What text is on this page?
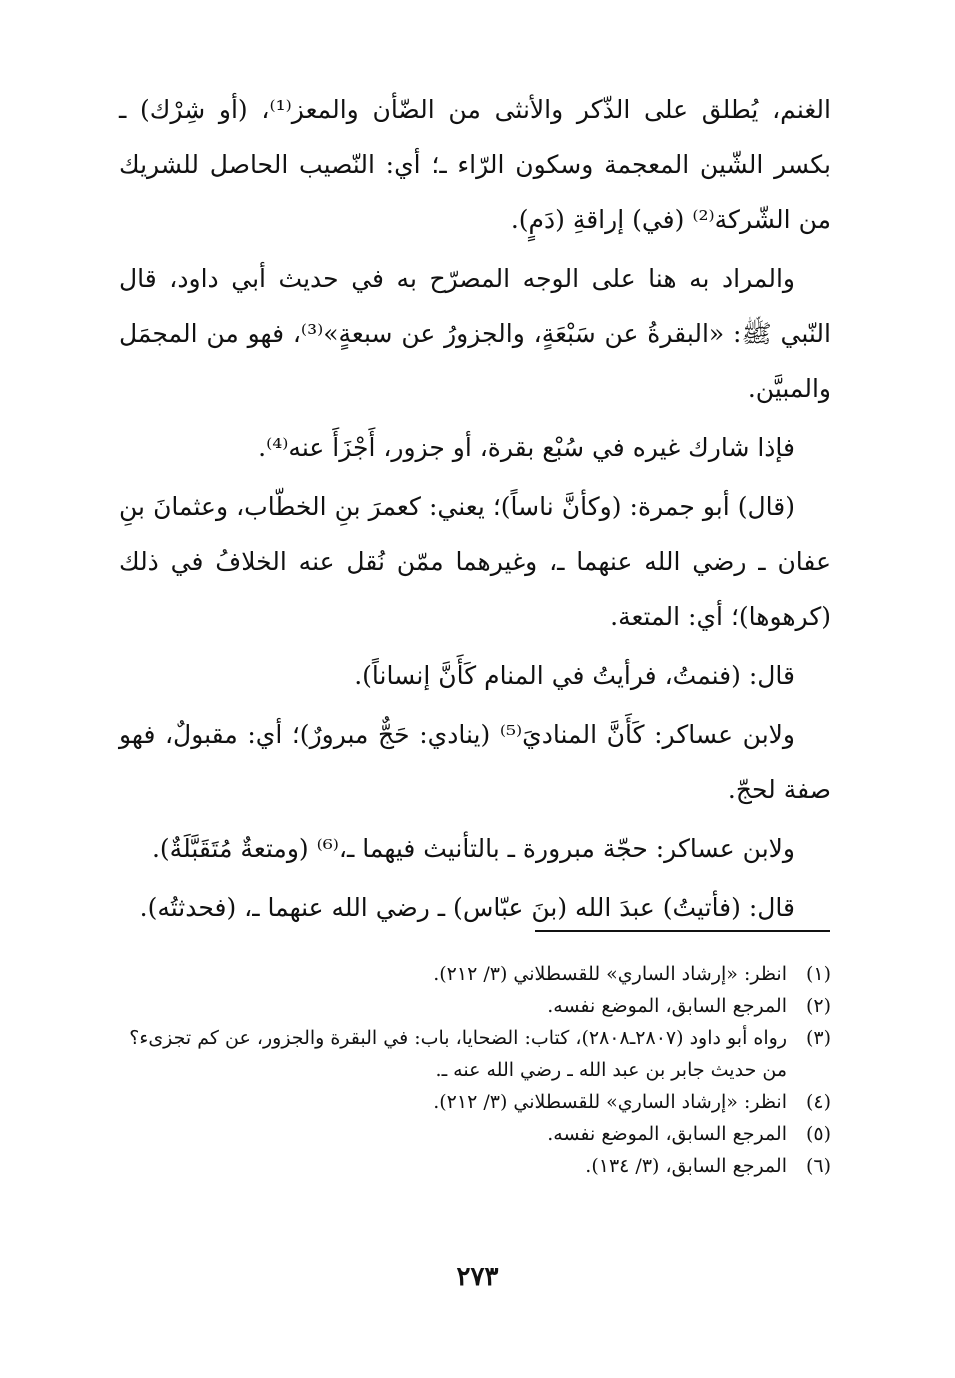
الغنم، يُطلق على الذّكر والأنثى من الضّأن والمعز⁽¹⁾، (أو شِرْك) ـ بكسر الشّين المعجمة وسكون الرّاء ـ؛ أي: النّصيب الحاصل للشريك من الشّركة⁽²⁾ (في) إراقةِ (دَمٍ).

والمراد به هنا على الوجه المصرّح به في حديث أبي داود، قال النّبي ﷺ: «البقرةُ عن سَبْعَةٍ، والجزورُ عن سبعةٍ»⁽³⁾، فهو من المجمَل والمبيَّن.

فإذا شارك غيره في سُبْع بقرة، أو جزور، أَجْزَأَ عنه⁽⁴⁾.

(قال) أبو جمرة: (وكأنَّ ناساً)؛ يعني: كعمرَ بنِ الخطّاب، وعثمانَ بنِ عفان ـ رضي الله عنهما ـ، وغيرهما ممّن نُقل عنه الخلافُ في ذلك (كرهوها)؛ أي: المتعة.

قال: (فنمتُ، فرأيتُ في المنام كَأَنَّ إنساناً).

ولابن عساكر: كَأَنَّ المناديَ⁽⁵⁾ (ينادي: حَجٌّ مبرورٌ)؛ أي: مقبولٌ، فهو صفة لحجّ.

ولابن عساكر: حجّة مبرورة ـ بالتأنيث فيهما ـ،⁽⁶⁾ (ومتعةٌ مُتَقَبَّلَةٌ).

قال: (فأتيتُ) عبدَ الله (بنَ عبّاس) ـ رضي الله عنهما ـ، (فحدثتُه).

(١)
انظر: «إرشاد الساري» للقسطلاني (٣/ ٢١٢).
(٢)
المرجع السابق، الموضع نفسه.
(٣)
رواه أبو داود (٢٨٠٧ـ٢٨٠٨)، كتاب: الضحايا، باب: في البقرة والجزور، عن كم تجزىء؟ من حديث جابر بن عبد الله ـ رضي الله عنه ـ.
(٤)
انظر: «إرشاد الساري» للقسطلاني (٣/ ٢١٢).
(٥)
المرجع السابق، الموضع نفسه.
(٦)
المرجع السابق، (٣/ ١٣٤).
٢٧٣
